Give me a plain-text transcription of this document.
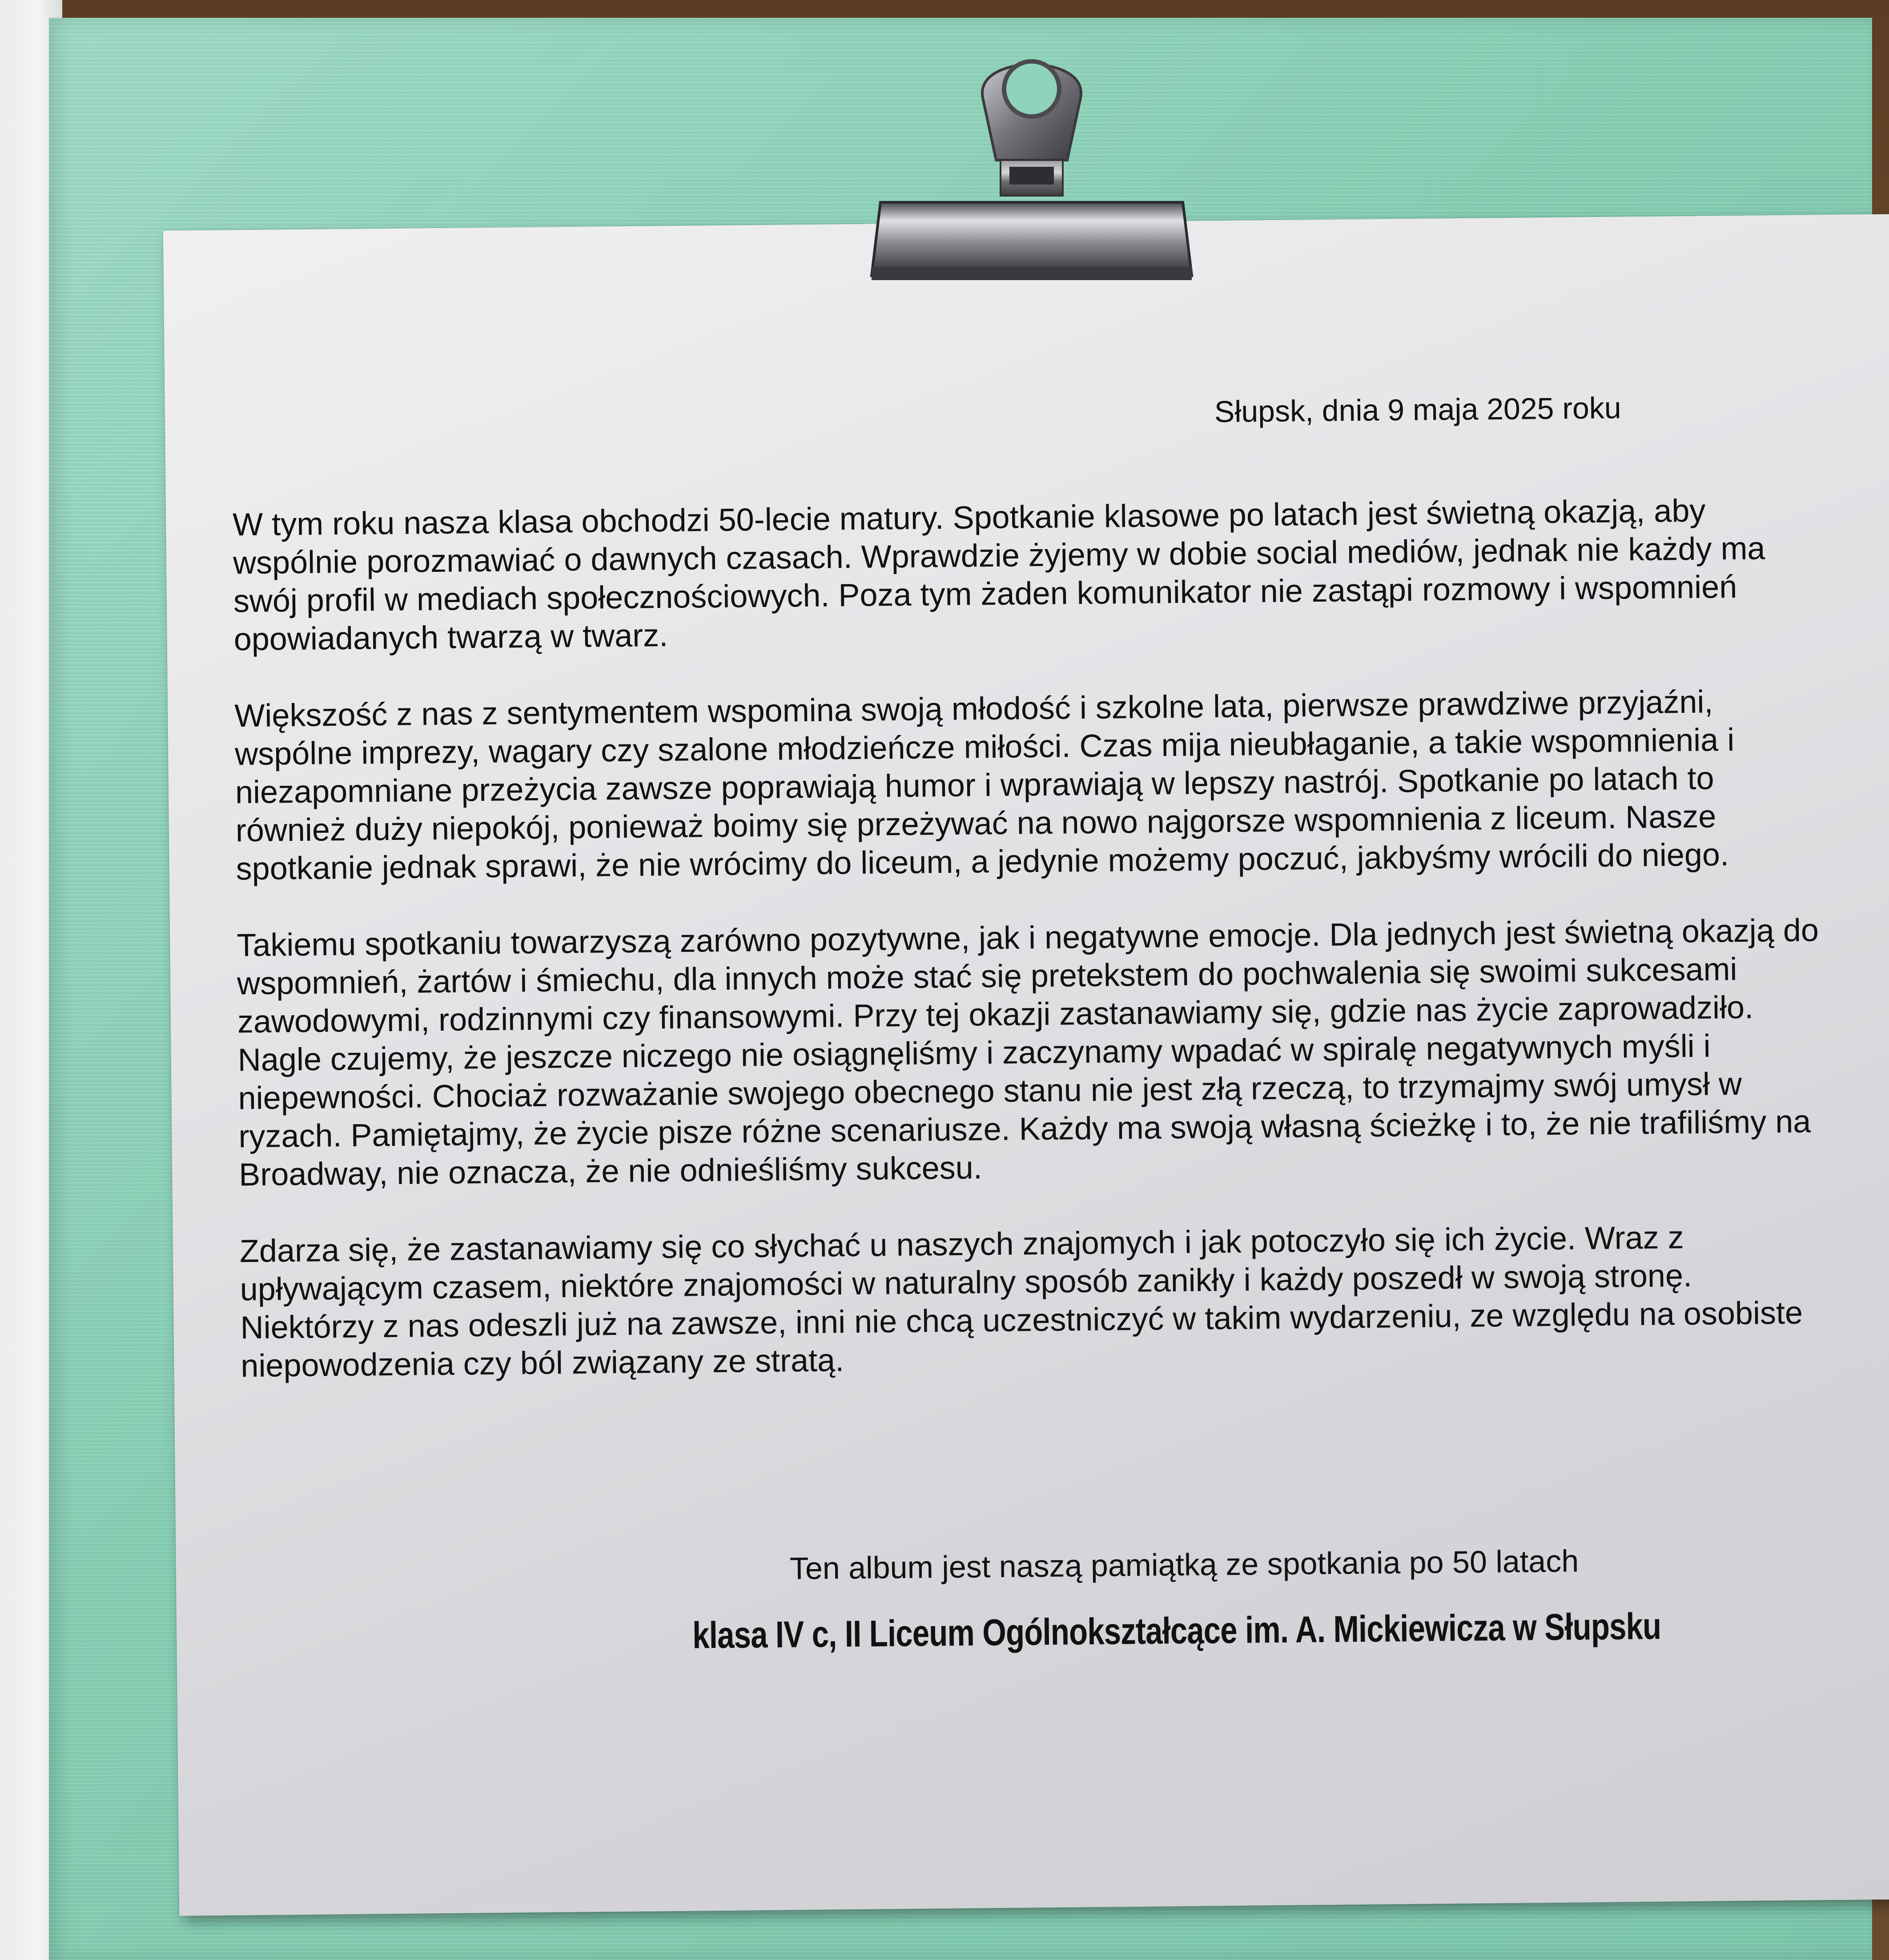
Słupsk, dnia 9 maja 2025 roku

W tym roku nasza klasa obchodzi 50-lecie matury. Spotkanie klasowe po latach jest świetną okazją, aby wspólnie porozmawiać o dawnych czasach. Wprawdzie żyjemy w dobie social mediów, jednak nie każdy ma swój profil w mediach społecznościowych. Poza tym żaden komunikator nie zastąpi rozmowy i wspomnień opowiadanych twarzą w twarz.

Większość z nas z sentymentem wspomina swoją młodość i szkolne lata, pierwsze prawdziwe przyjaźni, wspólne imprezy, wagary czy szalone młodzieńcze miłości. Czas mija nieubłaganie, a takie wspomnienia i niezapomniane przeżycia zawsze poprawiają humor i wprawiają w lepszy nastrój. Spotkanie po latach to również duży niepokój, ponieważ boimy się przeżywać na nowo najgorsze wspomnienia z liceum. Nasze spotkanie jednak sprawi, że nie wrócimy do liceum, a jedynie możemy poczuć, jakbyśmy wrócili do niego.

Takiemu spotkaniu towarzyszą zarówno pozytywne, jak i negatywne emocje. Dla jednych jest świetną okazją do wspomnień, żartów i śmiechu, dla innych może stać się pretekstem do pochwalenia się swoimi sukcesami zawodowymi, rodzinnymi czy finansowymi. Przy tej okazji zastanawiamy się, gdzie nas życie zaprowadziło. Nagle czujemy, że jeszcze niczego nie osiągnęliśmy i zaczynamy wpadać w spiralę negatywnych myśli i niepewności. Chociaż rozważanie swojego obecnego stanu nie jest złą rzeczą, to trzymajmy swój umysł w ryzach. Pamiętajmy, że życie pisze różne scenariusze. Każdy ma swoją własną ścieżkę i to, że nie trafiliśmy na Broadway, nie oznacza, że nie odnieśliśmy sukcesu.

Zdarza się, że zastanawiamy się co słychać u naszych znajomych i jak potoczyło się ich życie. Wraz z upływającym czasem, niektóre znajomości w naturalny sposób zanikły i każdy poszedł w swoją stronę. Niektórzy z nas odeszli już na zawsze, inni nie chcą uczestniczyć w takim wydarzeniu, ze względu na osobiste niepowodzenia czy ból związany ze stratą.

Ten album jest naszą pamiątką ze spotkania po 50 latach
klasa IV c, II Liceum Ogólnokształcące im. A. Mickiewicza w Słupsku
